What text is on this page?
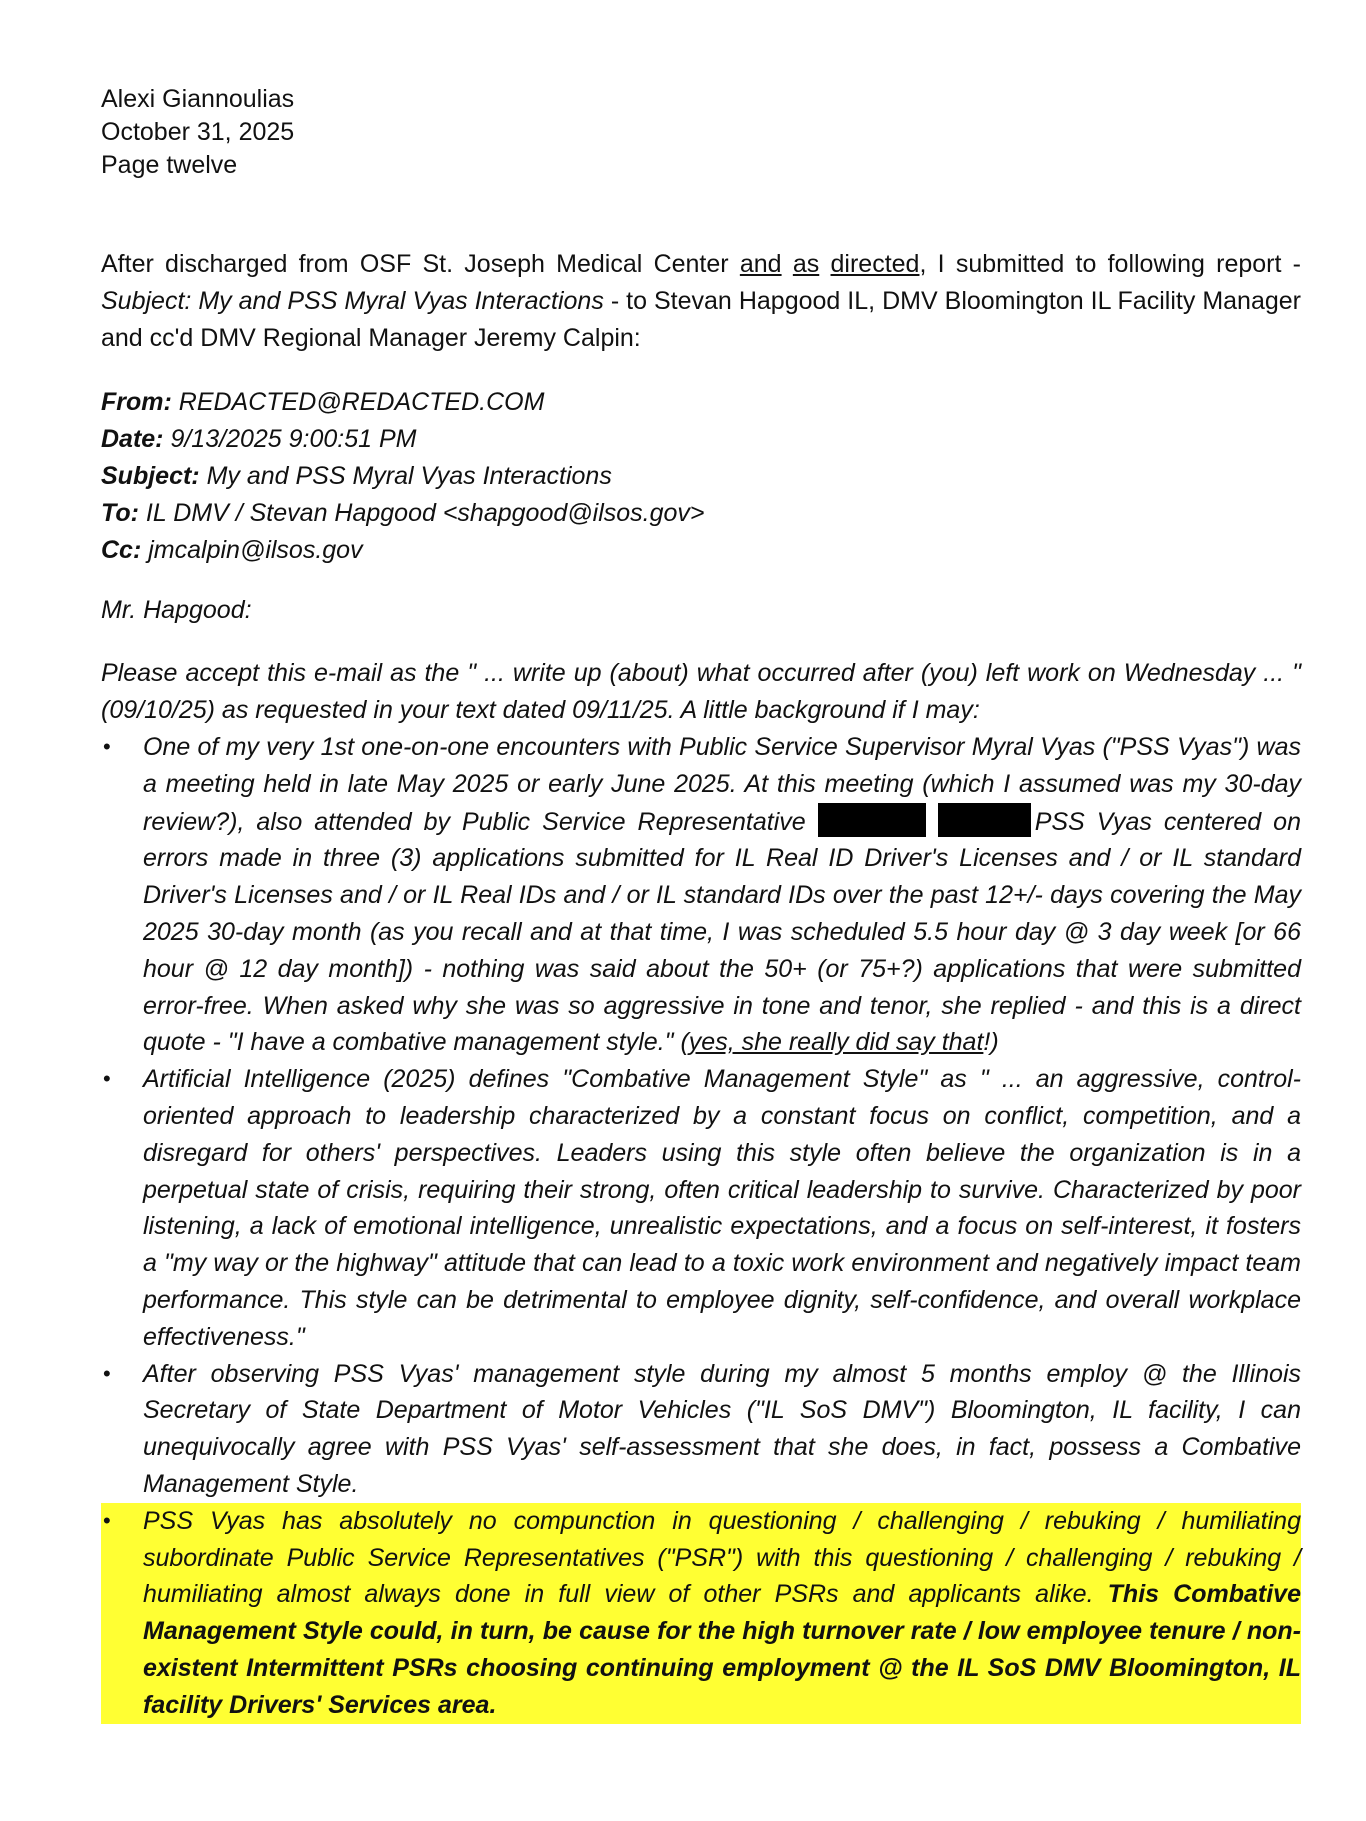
Alexi Giannoulias
October 31, 2025
Page twelve
After discharged from OSF St. Joseph Medical Center and as directed, I submitted to following report - Subject: My and PSS Myral Vyas Interactions - to Stevan Hapgood IL, DMV Bloomington IL Facility Manager and cc'd DMV Regional Manager Jeremy Calpin:
From: REDACTED@REDACTED.COM
Date: 9/13/2025 9:00:51 PM
Subject: My and PSS Myral Vyas Interactions
To: IL DMV / Stevan Hapgood <shapgood@ilsos.gov>
Cc: jmcalpin@ilsos.gov
Mr. Hapgood:
Please accept this e-mail as the " ... write up (about) what occurred after (you) left work on Wednesday ... " (09/10/25) as requested in your text dated 09/11/25. A little background if I may:
• One of my very 1st one-on-one encounters with Public Service Supervisor Myral Vyas ("PSS Vyas") was a meeting held in late May 2025 or early June 2025. At this meeting (which I assumed was my 30-day review?), also attended by Public Service Representative	PSS Vyas centered on errors made in three (3) applications submitted for IL Real ID Driver's Licenses and / or IL standard Driver's Licenses and / or IL Real IDs and / or IL standard IDs over the past 12+/- days covering the May 2025 30-day month (as you recall and at that time, I was scheduled 5.5 hour day @ 3 day week [or 66 hour @ 12 day month]) - nothing was said about the 50+ (or 75+?) applications that were submitted error-free. When asked why she was so aggressive in tone and tenor, she replied - and this is a direct quote - "I have a combative management style." (yes, she really did say that!)
• Artificial Intelligence (2025) defines "Combative Management Style" as " ... an aggressive, control-oriented approach to leadership characterized by a constant focus on conflict, competition, and a disregard for others' perspectives. Leaders using this style often believe the organization is in a perpetual state of crisis, requiring their strong, often critical leadership to survive. Characterized by poor listening, a lack of emotional intelligence, unrealistic expectations, and a focus on self-interest, it fosters a "my way or the highway" attitude that can lead to a toxic work environment and negatively impact team performance. This style can be detrimental to employee dignity, self-confidence, and overall workplace effectiveness."
• After observing PSS Vyas' management style during my almost 5 months employ @ the Illinois Secretary of State Department of Motor Vehicles ("IL SoS DMV") Bloomington, IL facility, I can unequivocally agree with PSS Vyas' self-assessment that she does, in fact, possess a Combative Management Style.
• PSS Vyas has absolutely no compunction in questioning / challenging / rebuking / humiliating subordinate Public Service Representatives ("PSR") with this questioning / challenging / rebuking / humiliating almost always done in full view of other PSRs and applicants alike. This Combative Management Style could, in turn, be cause for the high turnover rate / low employee tenure / non-existent Intermittent PSRs choosing continuing employment @ the IL SoS DMV Bloomington, IL facility Drivers' Services area.
